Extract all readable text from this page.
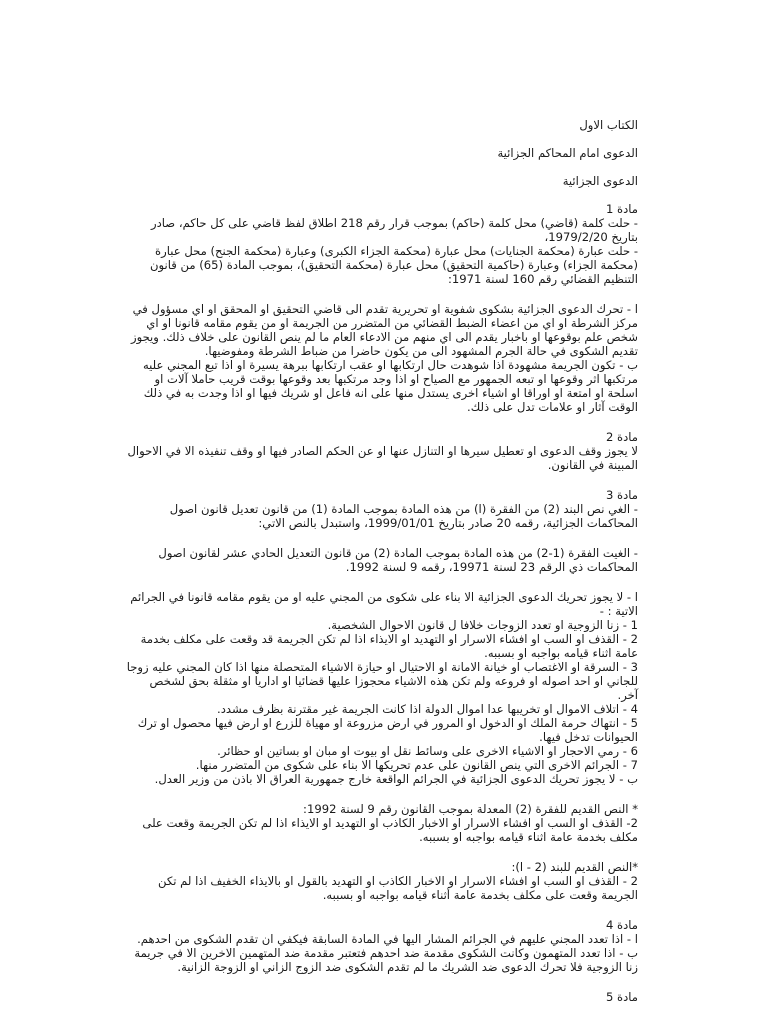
الكتاب الاول
الدعوى امام المحاكم الجزائية
الدعوى الجزائية
مادة 1
- حلت كلمة (قاضي) محل كلمة (حاكم) بموجب قرار رقم 218 اطلاق لفظ قاضي على كل حاكم، صادر بتاريخ 1979/2/20،
- حلت عبارة (محكمة الجنايات) محل عبارة (محكمة الجزاء الكبرى) وعبارة (محكمة الجنح) محل عبارة (محكمة الجزاء) وعبارة (حاكمية التحقيق) محل عبارة (محكمة التحقيق)، بموجب المادة (65) من قانون التنظيم القضائي رقم 160 لسنة 1971:
ا - تحرك الدعوى الجزائية بشكوى شفوية او تحريرية تقدم الى قاضي التحقيق او المحقق او اي مسؤول في مركز الشرطة او اي من اعضاء الضبط القضائي من المتضرر من الجريمة او من يقوم مقامه قانونا او اي شخص علم بوقوعها او باخبار يقدم الى اي منهم من الادعاء العام ما لم ينص القانون على خلاف ذلك. ويجوز تقديم الشكوى في حالة الجرم المشهود الى من يكون حاضرا من ضباط الشرطة ومفوضيها.
ب - تكون الجريمة مشهودة اذا شوهدت حال ارتكابها او عقب ارتكابها ببرهة يسيرة او اذا تبع المجني عليه مرتكبها اثر وقوعها او تبعه الجمهور مع الصياح او اذا وجد مرتكبها بعد وقوعها بوقت قريب حاملا آلات او اسلحة او امتعة او اوراقا او اشياء اخرى يستدل منها على انه فاعل او شريك فيها او اذا وجدت به في ذلك الوقت آثار او علامات تدل على ذلك.
مادة 2
لا يجوز وقف الدعوى او تعطيل سيرها او التنازل عنها او عن الحكم الصادر فيها او وقف تنفيذه الا في الاحوال المبينة في القانون.
مادة 3
- الغي نص البند (2) من الفقرة (ا) من هذه المادة بموجب المادة (1) من قانون تعديل قانون اصول المحاكمات الجزائية، رقمه 20 صادر بتاريخ 1999/01/01، واستبدل بالنص الاتي:
- الغيت الفقرة (1-2) من هذه المادة بموجب المادة (2) من قانون التعديل الحادي عشر لقانون اصول المحاكمات ذي الرقم 23 لسنة 19971، رقمه 9 لسنة 1992.
ا - لا يجوز تحريك الدعوى الجزائية الا بناء على شكوى من المجني عليه او من يقوم مقامه قانونا في الجرائم الاتية : -
1 - زنا الزوجية او تعدد الزوجات خلافا ل قانون الاحوال الشخصية.
2 - القذف او السب او افشاء الاسرار او التهديد او الايذاء اذا لم تكن الجريمة قد وقعت على مكلف بخدمة عامة اثناء قيامه بواجبه او بسببه.
3 - السرقة او الاغتصاب او خيانة الامانة او الاحتيال او حيازة الاشياء المتحصلة منها اذا كان المجني عليه زوجا للجاني او احد اصوله او فروعه ولم تكن هذه الاشياء محجوزا عليها قضائيا او اداريا او مثقلة بحق لشخص آخر.
4 - اتلاف الاموال او تخريبها عدا اموال الدولة اذا كانت الجريمة غير مقترنة بظرف مشدد.
5 - انتهاك حرمة الملك او الدخول او المرور في ارض مزروعة او مهياة للزرع او ارض فيها محصول او ترك الحيوانات تدخل فيها.
6 - رمي الاحجار او الاشياء الاخرى على وسائط نقل او بيوت او مبان او بساتين او حظائر.
7 - الجرائم الاخرى التي ينص القانون على عدم تحريكها الا بناء على شكوى من المتضرر منها.
ب - لا يجوز تحريك الدعوى الجزائية في الجرائم الواقعة خارج جمهورية العراق الا باذن من وزير العدل.
* النص القديم للفقرة (2) المعدلة بموجب القانون رقم 9 لسنة 1992:
2- القذف او السب او افشاء الاسرار او الاخبار الكاذب او التهديد او الايذاء اذا لم تكن الجريمة وقعت على مكلف بخدمة عامة اثناء قيامه بواجبه او بسببه.
*النص القديم للبند (2 - ا):
2 - القذف او السب او افشاء الاسرار او الاخبار الكاذب او التهديد بالقول او بالايذاء الخفيف اذا لم تكن الجريمة وقعت على مكلف بخدمة عامة أثناء قيامه بواجبه او بسببه.
مادة 4
ا - اذا تعدد المجني عليهم في الجرائم المشار اليها في المادة السابقة فيكفي ان تقدم الشكوى من احدهم.
ب - اذا تعدد المتهمون وكانت الشكوى مقدمة ضد احدهم فتعتبر مقدمة ضد المتهمين الاخرين الا في جريمة زنا الزوجية فلا تحرك الدعوى ضد الشريك ما لم تقدم الشكوى ضد الزوج الزاني او الزوجة الزانية.
مادة 5
